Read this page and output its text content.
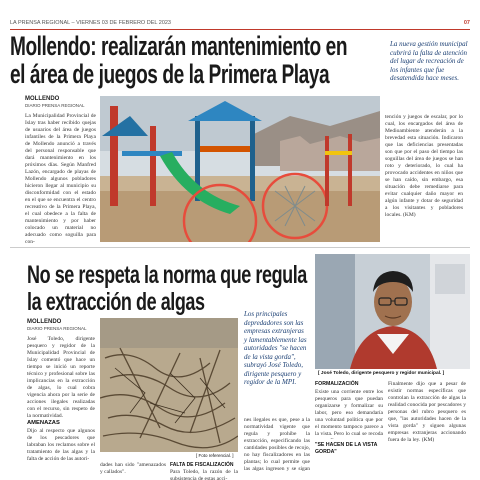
LA PRENSA REGIONAL – VIERNES 03 DE FEBRERO DEL 2023	07
Mollendo: realizarán mantenimiento en
el área de juegos de la Primera Playa
La nueva gestión municipal cubrirá la falta de atención del lugar de recreación de los infantes que fue desatendida hace meses.
MOLLENDO
DIARIO PRENSA REGIONAL
La Municipalidad Provincial de Islay tras haber recibido quejas de usuarios del área de juegos infantiles de la Primera Playa de Mollendo anunció a través del personal responsable que dará mantenimiento en los próximos días. Según Manfred Lazón, encargado de playas de Mollendo algunos pobladores hicieron llegar al municipio su disconformidad con el estado en el que se encuentra el centro recreativo de la Primera Playa, el cual obedece a la falta de mantenimiento y por haber colocado un material no adecuado como soguilla para con-
tención y juegos de escalar, por lo cual, los encargados del área de Medioambiente atenderán a la brevedad esta situación. Indicaron que las deficiencias presentadas son que por el paso del tiempo las soguillas del área de juegos se han roto y deteriorado, lo cual ha provocado accidentes en niños que se han caído, sin embargo, esa situación debe remediarse para evitar cualquier daño mayor en algún infante y dotar de seguridad a los visitantes y pobladores locales. (KM)
No se respeta la norma que regula
la extracción de algas
MOLLENDO
DIARIO PRENSA REGIONAL
José Toledo, dirigente pesquero y regidor de la Municipalidad Provincial de Islay comentó que hace un tiempo se inició un reporte técnico y profesional sobre las implicancias en la extracción de algas, lo cual cobra vigencia ahora por la serie de acciones ilegales realizadas con el recurso, sin respeto de la normatividad.
AMENAZAS
Dijo al respecto que algunos de los pescadores que labraban los reclamos sobre el tratamiento de las algas y la falta de acción de las autori-
[ Foto referencial. ]
dades han sido "amenazados y callados".
FALTA DE FISCALIZACIÓN
Para Toledo, la razón de la subsistencia de estas acci-
Los principales depredadores son las empresas extranjeras y lamentablemente las autoridades "se hacen de la vista gorda", subrayó José Toledo, dirigente pesquero y regidor de la MPI.
nes ilegales es que, pese a la normatividad vigente que regula y prohíbe la extracción, especificando las cantidades posibles de recojo, no hay fiscalizadores en las plantas; lo cual permite que las algas ingresen y se sigan
[ José Toledo, dirigente pesquero y regidor municipal. ]
FORMALIZACIÓN
Existe una corriente entre los pesqueros para que puedan organizarse y formalizar su labor, pero eso demandaría una voluntad política que por el momento tampoco parece a la vista. Pero lo cual se recoda
"SE HACEN DE LA VISTA GORDA"
Finalmente dijo que a pesar de existir normas específicas que controlan la extracción de algas la realidad conocida por pescadores y personas del rubro pesquero es que, "las autoridades hacen de la vista gorda" y siguen algunas empresas extranjeras accionando fuera de la ley. (KM)
